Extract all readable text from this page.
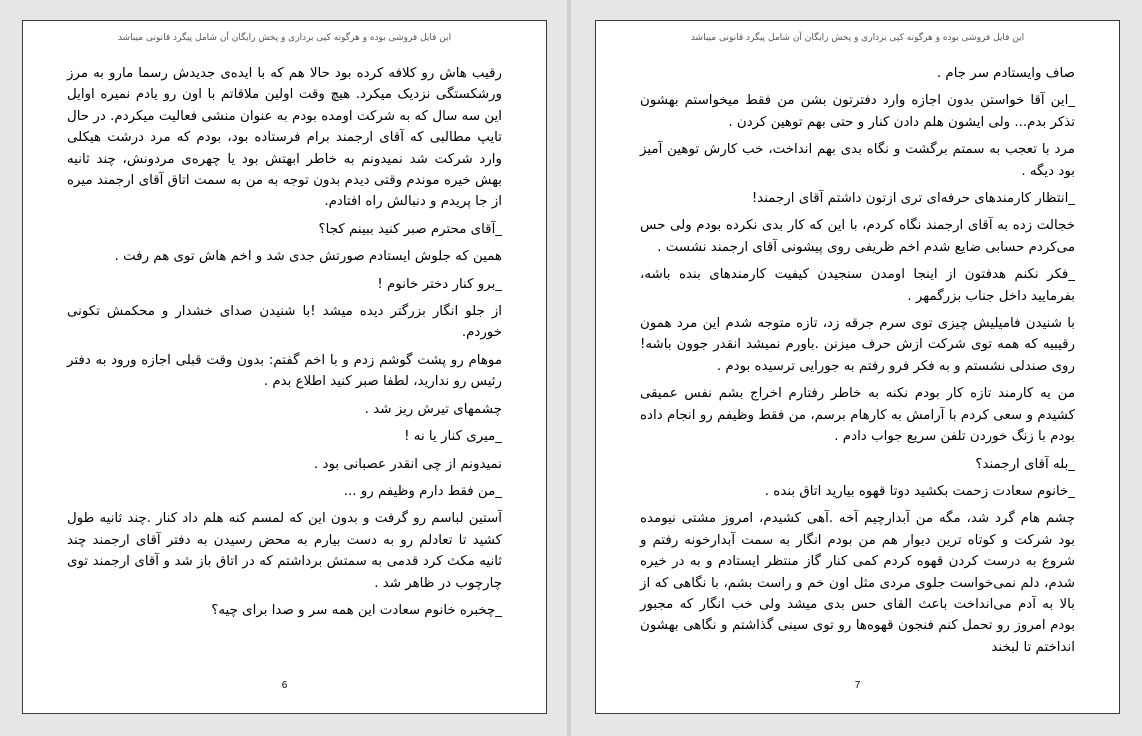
این فایل فروشی بوده و هرگونه کپی برداری و پخش رایگان آن شامل پیگرد قانونی میباشد

رقیب هاش رو کلافه کرده بود حالا هم که با ایده‌ی جدیدش رسما مارو به مرز ورشکستگی نزدیک میکرد. هیچ وقت اولین ملاقاتم با اون رو یادم نمیره اوایل این سه سال که به شرکت اومده بودم به عنوان منشی فعالیت میکردم. در حال تایپ مطالبی که آقای ارجمند برام فرستاده بود، بودم که مرد درشت هیکلی وارد شرکت شد نمیدونم به خاطر ابهتش بود یا چهره‌ی مردونش، چند ثانیه بهش خیره موندم وقتی دیدم بدون توجه به من به سمت اتاق آقای ارجمند میره از جا پریدم و دنبالش راه افتادم.

_آقای محترم صبر کنید ببینم کجا؟

همین که جلوش ایستادم صورتش جدی شد و اخم هاش توی هم رفت .

_برو کنار دختر خانوم !

از جلو انگار بزرگتر دیده میشد !با شنیدن صدای خشدار و محکمش تکونی خوردم.

موهام رو پشت گوشم زدم و با اخم گفتم: بدون وقت قبلی اجازه ورود به دفتر رئیس رو ندارید، لطفا صبر کنید اطلاع بدم .

چشمهای تیرش ریز شد .

_میری کنار یا نه !

نمیدونم از چی انقدر عصبانی بود .

_من فقط دارم وظیفم رو ...

آستین لباسم رو گرفت و بدون این که لمسم کنه هلم داد کنار .چند ثانیه طول کشید تا تعادلم رو به دست بیارم به محض رسیدن به دفتر آقای ارجمند چند ثانیه مکث کرد قدمی به سمتش برداشتم که در اتاق باز شد و آقای ارجمند توی چارچوب در ظاهر شد .

_چخبره خانوم سعادت این همه سر و صدا برای چیه؟

6
این فایل فروشی بوده و هرگونه کپی برداری و پخش رایگان آن شامل پیگرد قانونی میباشد

صاف وایستادم سر جام .

_این آقا خواستن بدون اجازه وارد دفترتون بشن من فقط میخواستم بهشون تذکر بدم... ولی ایشون هلم دادن کنار و حتی بهم توهین کردن .

مرد با تعجب به سمتم برگشت و نگاه بدی بهم انداخت، خب کارش توهین آمیز بود دیگه .

_انتظار کارمندهای حرفه‌ای تری ازتون داشتم آقای ارجمند!

خجالت زده به آقای ارجمند نگاه کردم، با این که کار بدی نکرده بودم ولی حس می‌کردم حسابی ضایع شدم اخم ظریفی روی پیشونی آقای ارجمند نشست .

_فکر نکنم هدفتون از اینجا اومدن سنجیدن کیفیت کارمندهای بنده باشه، بفرمایید داخل جناب بزرگمهر .

با شنیدن فامیلیش چیزی توی سرم جرقه زد، تازه متوجه شدم این مرد همون رقیبیه که همه توی شرکت ازش حرف میزنن .باورم نمیشد انقدر جوون باشه! روی صندلی نشستم و به فکر فرو رفتم به جورایی ترسیده بودم .

من یه کارمند تازه کار بودم نکنه به خاطر رفتارم اخراج بشم نفس عمیقی کشیدم و سعی کردم با آرامش به کارهام برسم، من فقط وظیفم رو انجام داده بودم با زنگ خوردن تلفن سریع جواب دادم .

_بله آقای ارجمند؟

_خانوم سعادت زحمت بکشید دوتا قهوه بیارید اتاق بنده .

چشم هام گرد شد، مگه من آبدارچیم آخه .آهی کشیدم، امروز مشتی نیومده بود شرکت و کوتاه ترین دیوار هم من بودم انگار به سمت آبدارخونه رفتم و شروع به درست کردن قهوه کردم کمی کنار گاز منتظر ایستادم و به در خیره شدم، دلم نمی‌خواست جلوی مردی مثل اون خم و راست بشم، با نگاهی که از بالا به آدم می‌انداخت باعث القای حس بدی میشد ولی خب انگار که مجبور بودم امروز رو تحمل کنم فنجون قهوه‌ها رو توی سینی گذاشتم و نگاهی بهشون انداختم تا لبخند

7
